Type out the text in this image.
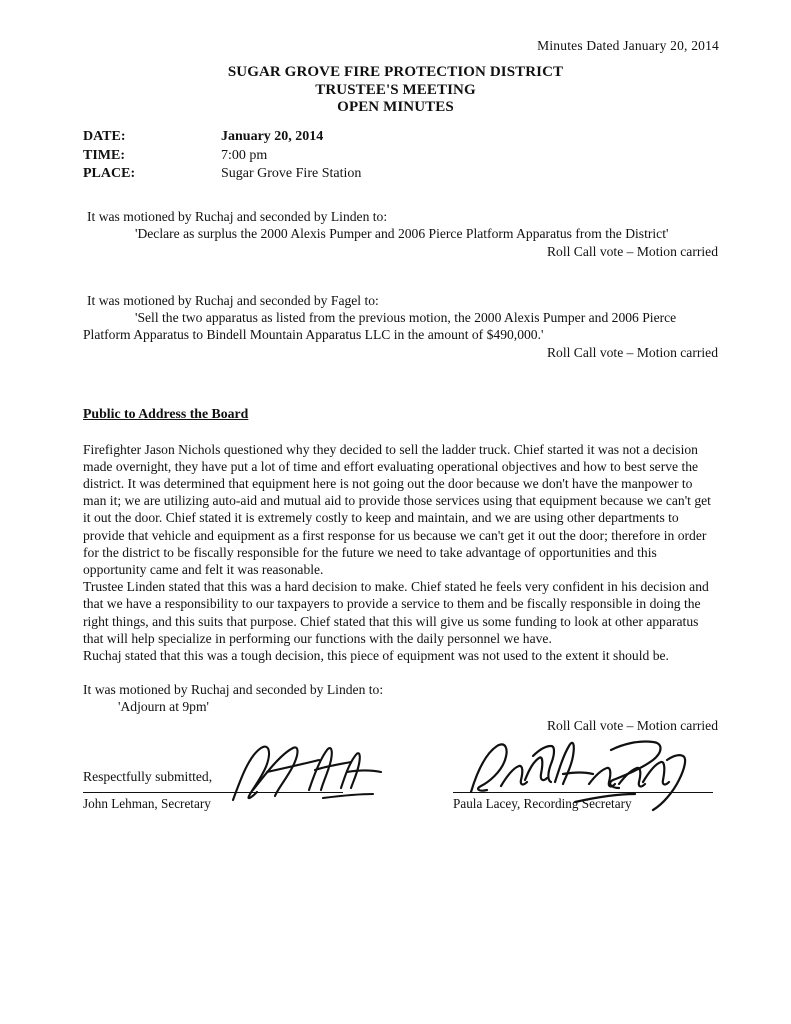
Minutes Dated January 20, 2014
SUGAR GROVE FIRE PROTECTION DISTRICT
TRUSTEE'S MEETING
OPEN MINUTES
DATE:	January 20, 2014
TIME:	7:00 pm
PLACE:	Sugar Grove Fire Station
It was motioned by Ruchaj and seconded by Linden to:
'Declare as surplus the 2000 Alexis Pumper and 2006 Pierce Platform Apparatus from the District'
Roll Call vote – Motion carried
It was motioned by Ruchaj and seconded by Fagel to:
'Sell the two apparatus as listed from the previous motion, the 2000 Alexis Pumper and 2006 Pierce
Platform Apparatus to Bindell Mountain Apparatus LLC in the amount of $490,000.'
Roll Call vote – Motion carried
Public to Address the Board
Firefighter Jason Nichols questioned why they decided to sell the ladder truck. Chief started it was not a decision made overnight, they have put a lot of time and effort evaluating operational objectives and how to best serve the district. It was determined that equipment here is not going out the door because we don't have the manpower to man it; we are utilizing auto-aid and mutual aid to provide those services using that equipment because we can't get it out the door. Chief stated it is extremely costly to keep and maintain, and we are using other departments to provide that vehicle and equipment as a first response for us because we can't get it out the door; therefore in order for the district to be fiscally responsible for the future we need to take advantage of opportunities and this opportunity came and felt it was reasonable.
Trustee Linden stated that this was a hard decision to make. Chief stated he feels very confident in his decision and that we have a responsibility to our taxpayers to provide a service to them and be fiscally responsible in doing the right things, and this suits that purpose. Chief stated that this will give us some funding to look at other apparatus that will help specialize in performing our functions with the daily personnel we have.
Ruchaj stated that this was a tough decision, this piece of equipment was not used to the extent it should be.
It was motioned by Ruchaj and seconded by Linden to:
'Adjourn at 9pm'
Roll Call vote – Motion carried
Respectfully submitted,
John Lehman, Secretary	Paula Lacey, Recording Secretary
